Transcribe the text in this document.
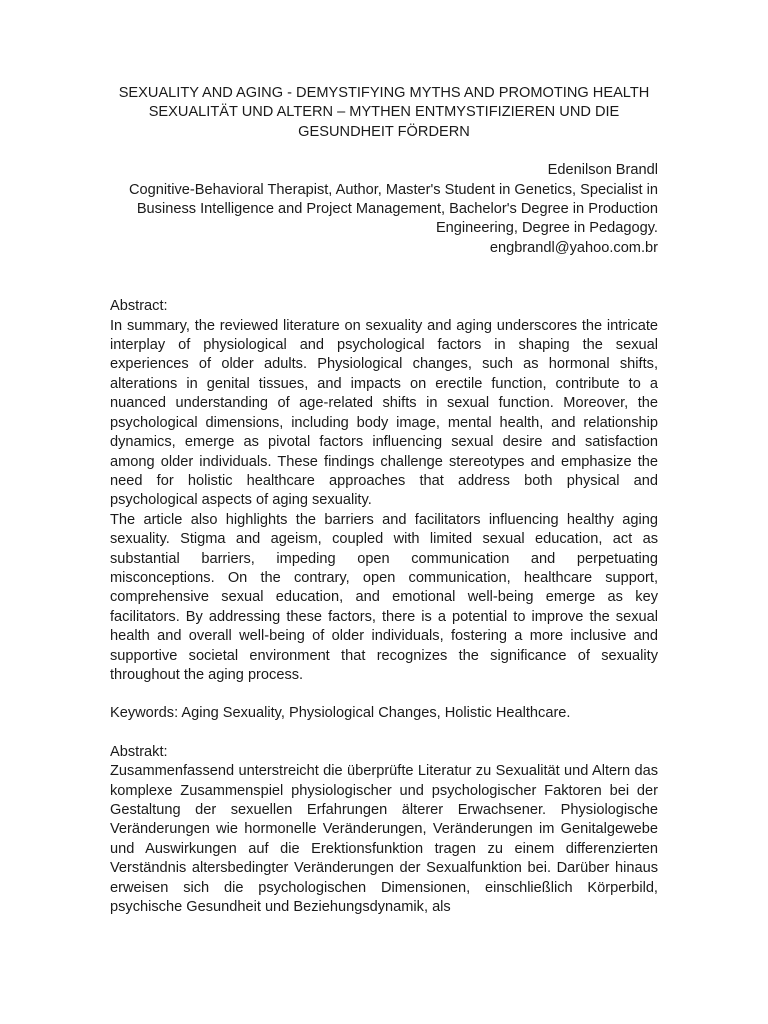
SEXUALITY AND AGING - DEMYSTIFYING MYTHS AND PROMOTING HEALTH

SEXUALITÄT UND ALTERN – MYTHEN ENTMYSTIFIZIEREN UND DIE GESUNDHEIT FÖRDERN

Edenilson Brandl

Cognitive-Behavioral Therapist, Author, Master's Student in Genetics, Specialist in Business Intelligence and Project Management, Bachelor's Degree in Production Engineering, Degree in Pedagogy.

engbrandl@yahoo.com.br

Abstract:

In summary, the reviewed literature on sexuality and aging underscores the intricate interplay of physiological and psychological factors in shaping the sexual experiences of older adults. Physiological changes, such as hormonal shifts, alterations in genital tissues, and impacts on erectile function, contribute to a nuanced understanding of age-related shifts in sexual function. Moreover, the psychological dimensions, including body image, mental health, and relationship dynamics, emerge as pivotal factors influencing sexual desire and satisfaction among older individuals. These findings challenge stereotypes and emphasize the need for holistic healthcare approaches that address both physical and psychological aspects of aging sexuality.

The article also highlights the barriers and facilitators influencing healthy aging sexuality. Stigma and ageism, coupled with limited sexual education, act as substantial barriers, impeding open communication and perpetuating misconceptions. On the contrary, open communication, healthcare support, comprehensive sexual education, and emotional well-being emerge as key facilitators. By addressing these factors, there is a potential to improve the sexual health and overall well-being of older individuals, fostering a more inclusive and supportive societal environment that recognizes the significance of sexuality throughout the aging process.

Keywords: Aging Sexuality, Physiological Changes, Holistic Healthcare.

Abstrakt:

Zusammenfassend unterstreicht die überprüfte Literatur zu Sexualität und Altern das komplexe Zusammenspiel physiologischer und psychologischer Faktoren bei der Gestaltung der sexuellen Erfahrungen älterer Erwachsener. Physiologische Veränderungen wie hormonelle Veränderungen, Veränderungen im Genitalgewebe und Auswirkungen auf die Erektionsfunktion tragen zu einem differenzierten Verständnis altersbedingter Veränderungen der Sexualfunktion bei. Darüber hinaus erweisen sich die psychologischen Dimensionen, einschließlich Körperbild, psychische Gesundheit und Beziehungsdynamik, als
